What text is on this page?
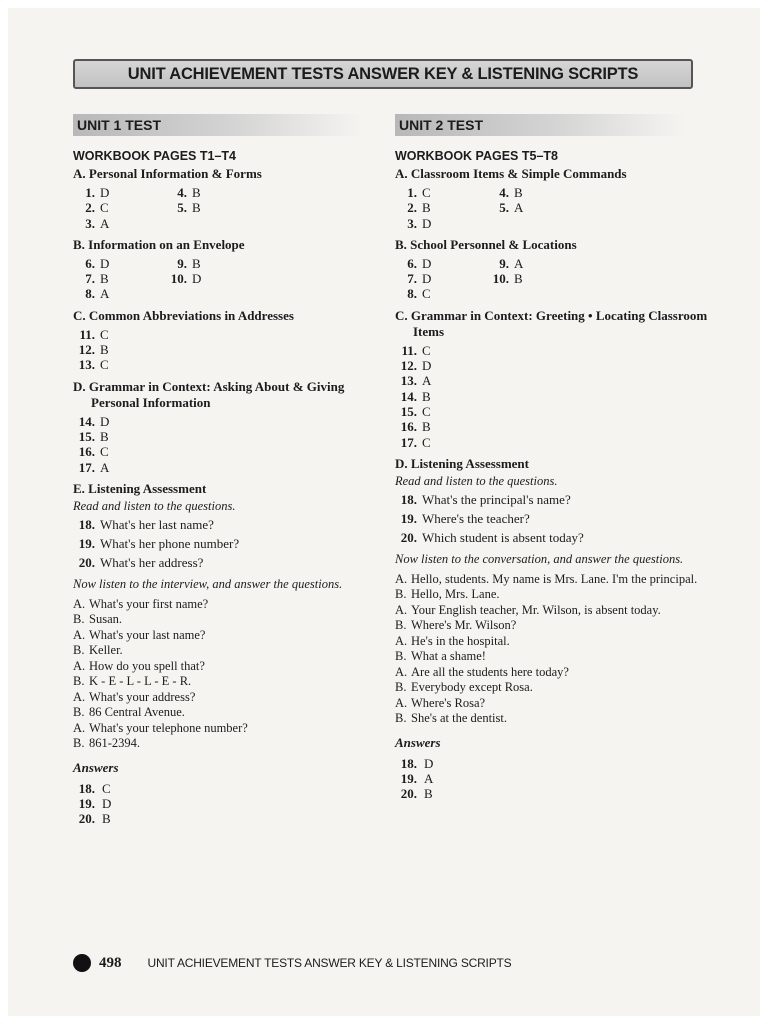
UNIT ACHIEVEMENT TESTS ANSWER KEY & LISTENING SCRIPTS
UNIT 1 TEST
WORKBOOK PAGES T1–T4
A. Personal Information & Forms
1. D	4. B
2. C	5. B
3. A
B. Information on an Envelope
6. D	9. B
7. B	10. D
8. A
C. Common Abbreviations in Addresses
11. C
12. B
13. C
D. Grammar in Context: Asking About & Giving Personal Information
14. D
15. B
16. C
17. A
E. Listening Assessment
Read and listen to the questions.
18. What's her last name?
19. What's her phone number?
20. What's her address?
Now listen to the interview, and answer the questions.
A. What's your first name?
B. Susan.
A. What's your last name?
B. Keller.
A. How do you spell that?
B. K - E - L - L - E - R.
A. What's your address?
B. 86 Central Avenue.
A. What's your telephone number?
B. 861-2394.
Answers
18. C
19. D
20. B
UNIT 2 TEST
WORKBOOK PAGES T5–T8
A. Classroom Items & Simple Commands
1. C	4. B
2. B	5. A
3. D
B. School Personnel & Locations
6. D	9. A
7. D	10. B
8. C
C. Grammar in Context: Greeting • Locating Classroom Items
11. C
12. D
13. A
14. B
15. C
16. B
17. C
D. Listening Assessment
Read and listen to the questions.
18. What's the principal's name?
19. Where's the teacher?
20. Which student is absent today?
Now listen to the conversation, and answer the questions.
A. Hello, students. My name is Mrs. Lane. I'm the principal.
B. Hello, Mrs. Lane.
A. Your English teacher, Mr. Wilson, is absent today.
B. Where's Mr. Wilson?
A. He's in the hospital.
B. What a shame!
A. Are all the students here today?
B. Everybody except Rosa.
A. Where's Rosa?
B. She's at the dentist.
Answers
18. D
19. A
20. B
498 UNIT ACHIEVEMENT TESTS ANSWER KEY & LISTENING SCRIPTS
